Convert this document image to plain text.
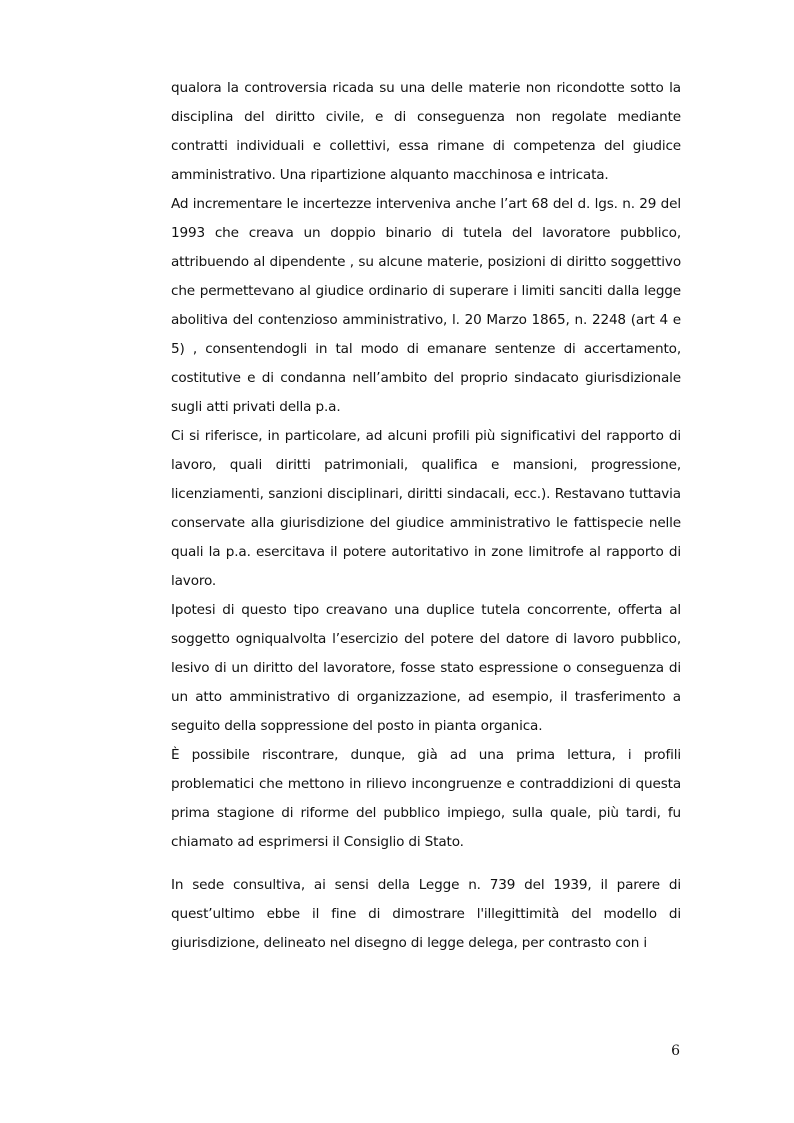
qualora la controversia ricada su una delle materie non ricondotte sotto la disciplina del diritto civile, e di conseguenza non regolate mediante contratti individuali e collettivi, essa rimane di competenza del giudice amministrativo. Una ripartizione alquanto macchinosa e intricata.

Ad incrementare le incertezze interveniva anche l’art 68 del d. lgs. n. 29 del 1993 che creava un doppio binario di tutela del lavoratore pubblico, attribuendo al dipendente , su alcune materie, posizioni di diritto soggettivo che permettevano al giudice ordinario di superare i limiti sanciti dalla legge abolitiva del contenzioso amministrativo, l. 20 Marzo 1865, n. 2248 (art 4 e 5) , consentendogli in tal modo di emanare sentenze di accertamento, costitutive e di condanna nell’ambito del proprio sindacato giurisdizionale sugli atti privati della p.a.

Ci si riferisce, in particolare, ad alcuni profili più significativi del rapporto di lavoro, quali diritti patrimoniali, qualifica e mansioni, progressione, licenziamenti, sanzioni disciplinari, diritti sindacali, ecc.). Restavano tuttavia conservate alla giurisdizione del giudice amministrativo le fattispecie nelle quali la p.a. esercitava il potere autoritativo in zone limitrofe al rapporto di lavoro.

Ipotesi di questo tipo creavano una duplice tutela concorrente, offerta al soggetto ogniqualvolta l’esercizio del potere del datore di lavoro pubblico, lesivo di un diritto del lavoratore, fosse stato espressione o conseguenza di un atto amministrativo di organizzazione, ad esempio, il trasferimento a seguito della soppressione del posto in pianta organica.

È possibile riscontrare, dunque, già ad una prima lettura, i profili problematici che mettono in rilievo incongruenze e contraddizioni di questa prima stagione di riforme del pubblico impiego, sulla quale, più tardi, fu chiamato ad esprimersi il Consiglio di Stato.

In sede consultiva, ai sensi della Legge n. 739 del 1939, il parere di quest’ultimo ebbe il fine di dimostrare l'illegittimità del modello di giurisdizione, delineato nel disegno di legge delega, per contrasto con i

6
